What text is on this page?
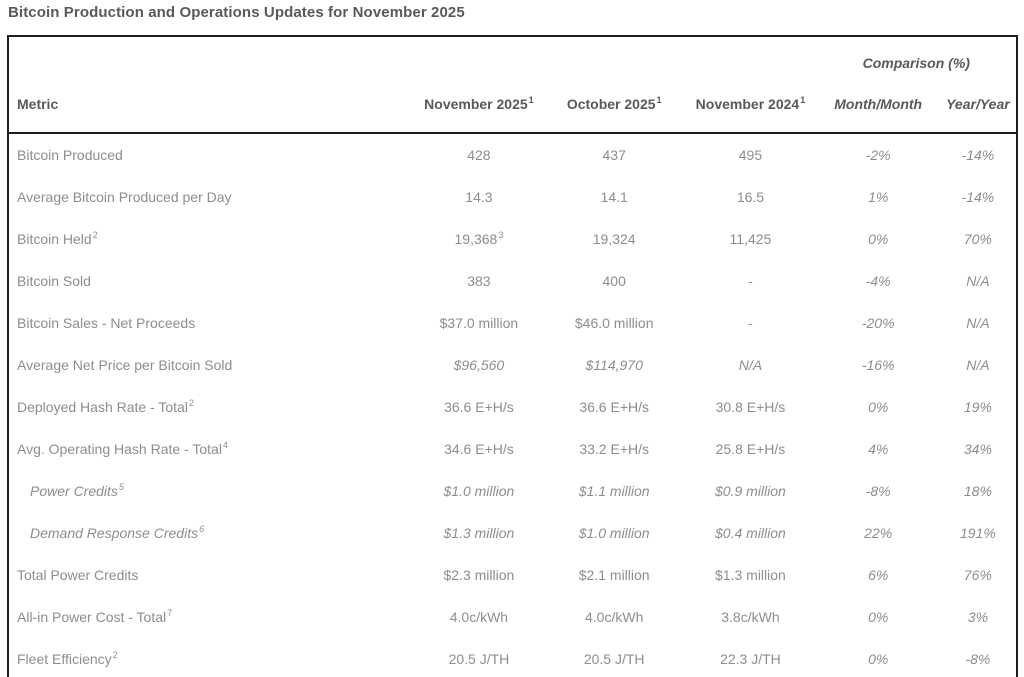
Bitcoin Production and Operations Updates for November 2025
				Comparison (%)	
Metric	November 2025$^1$	October 2025$^1$	November 2024$^1$	Month/Month	Year/Year
Bitcoin Produced	428	437	495	-2%	-14%
Average Bitcoin Produced per Day	14.3	14.1	16.5	1%	-14%
Bitcoin Held$^2$	19,368$^3$	19,324	11,425	0%	70%
Bitcoin Sold	383	400	-	-4%	N/A
Bitcoin Sales - Net Proceeds	$37.0 million	$46.0 million	-	-20%	N/A
Average Net Price per Bitcoin Sold	$96,560	$114,970	N/A	-16%	N/A
Deployed Hash Rate - Total$^2$	36.6 E+H/s	36.6 E+H/s	30.8 E+H/s	0%	19%
Avg. Operating Hash Rate - Total$^4$	34.6 E+H/s	33.2 E+H/s	25.8 E+H/s	4%	34%
Power Credits$^5$	$1.0 million	$1.1 million	$0.9 million	-8%	18%
Demand Response Credits$^6$	$1.3 million	$1.0 million	$0.4 million	22%	191%
Total Power Credits	$2.3 million	$2.1 million	$1.3 million	6%	76%
All-in Power Cost - Total$^7$	4.0c/kWh	4.0c/kWh	3.8c/kWh	0%	3%
Fleet Efficiency$^2$	20.5 J/TH	20.5 J/TH	22.3 J/TH	0%	-8%
